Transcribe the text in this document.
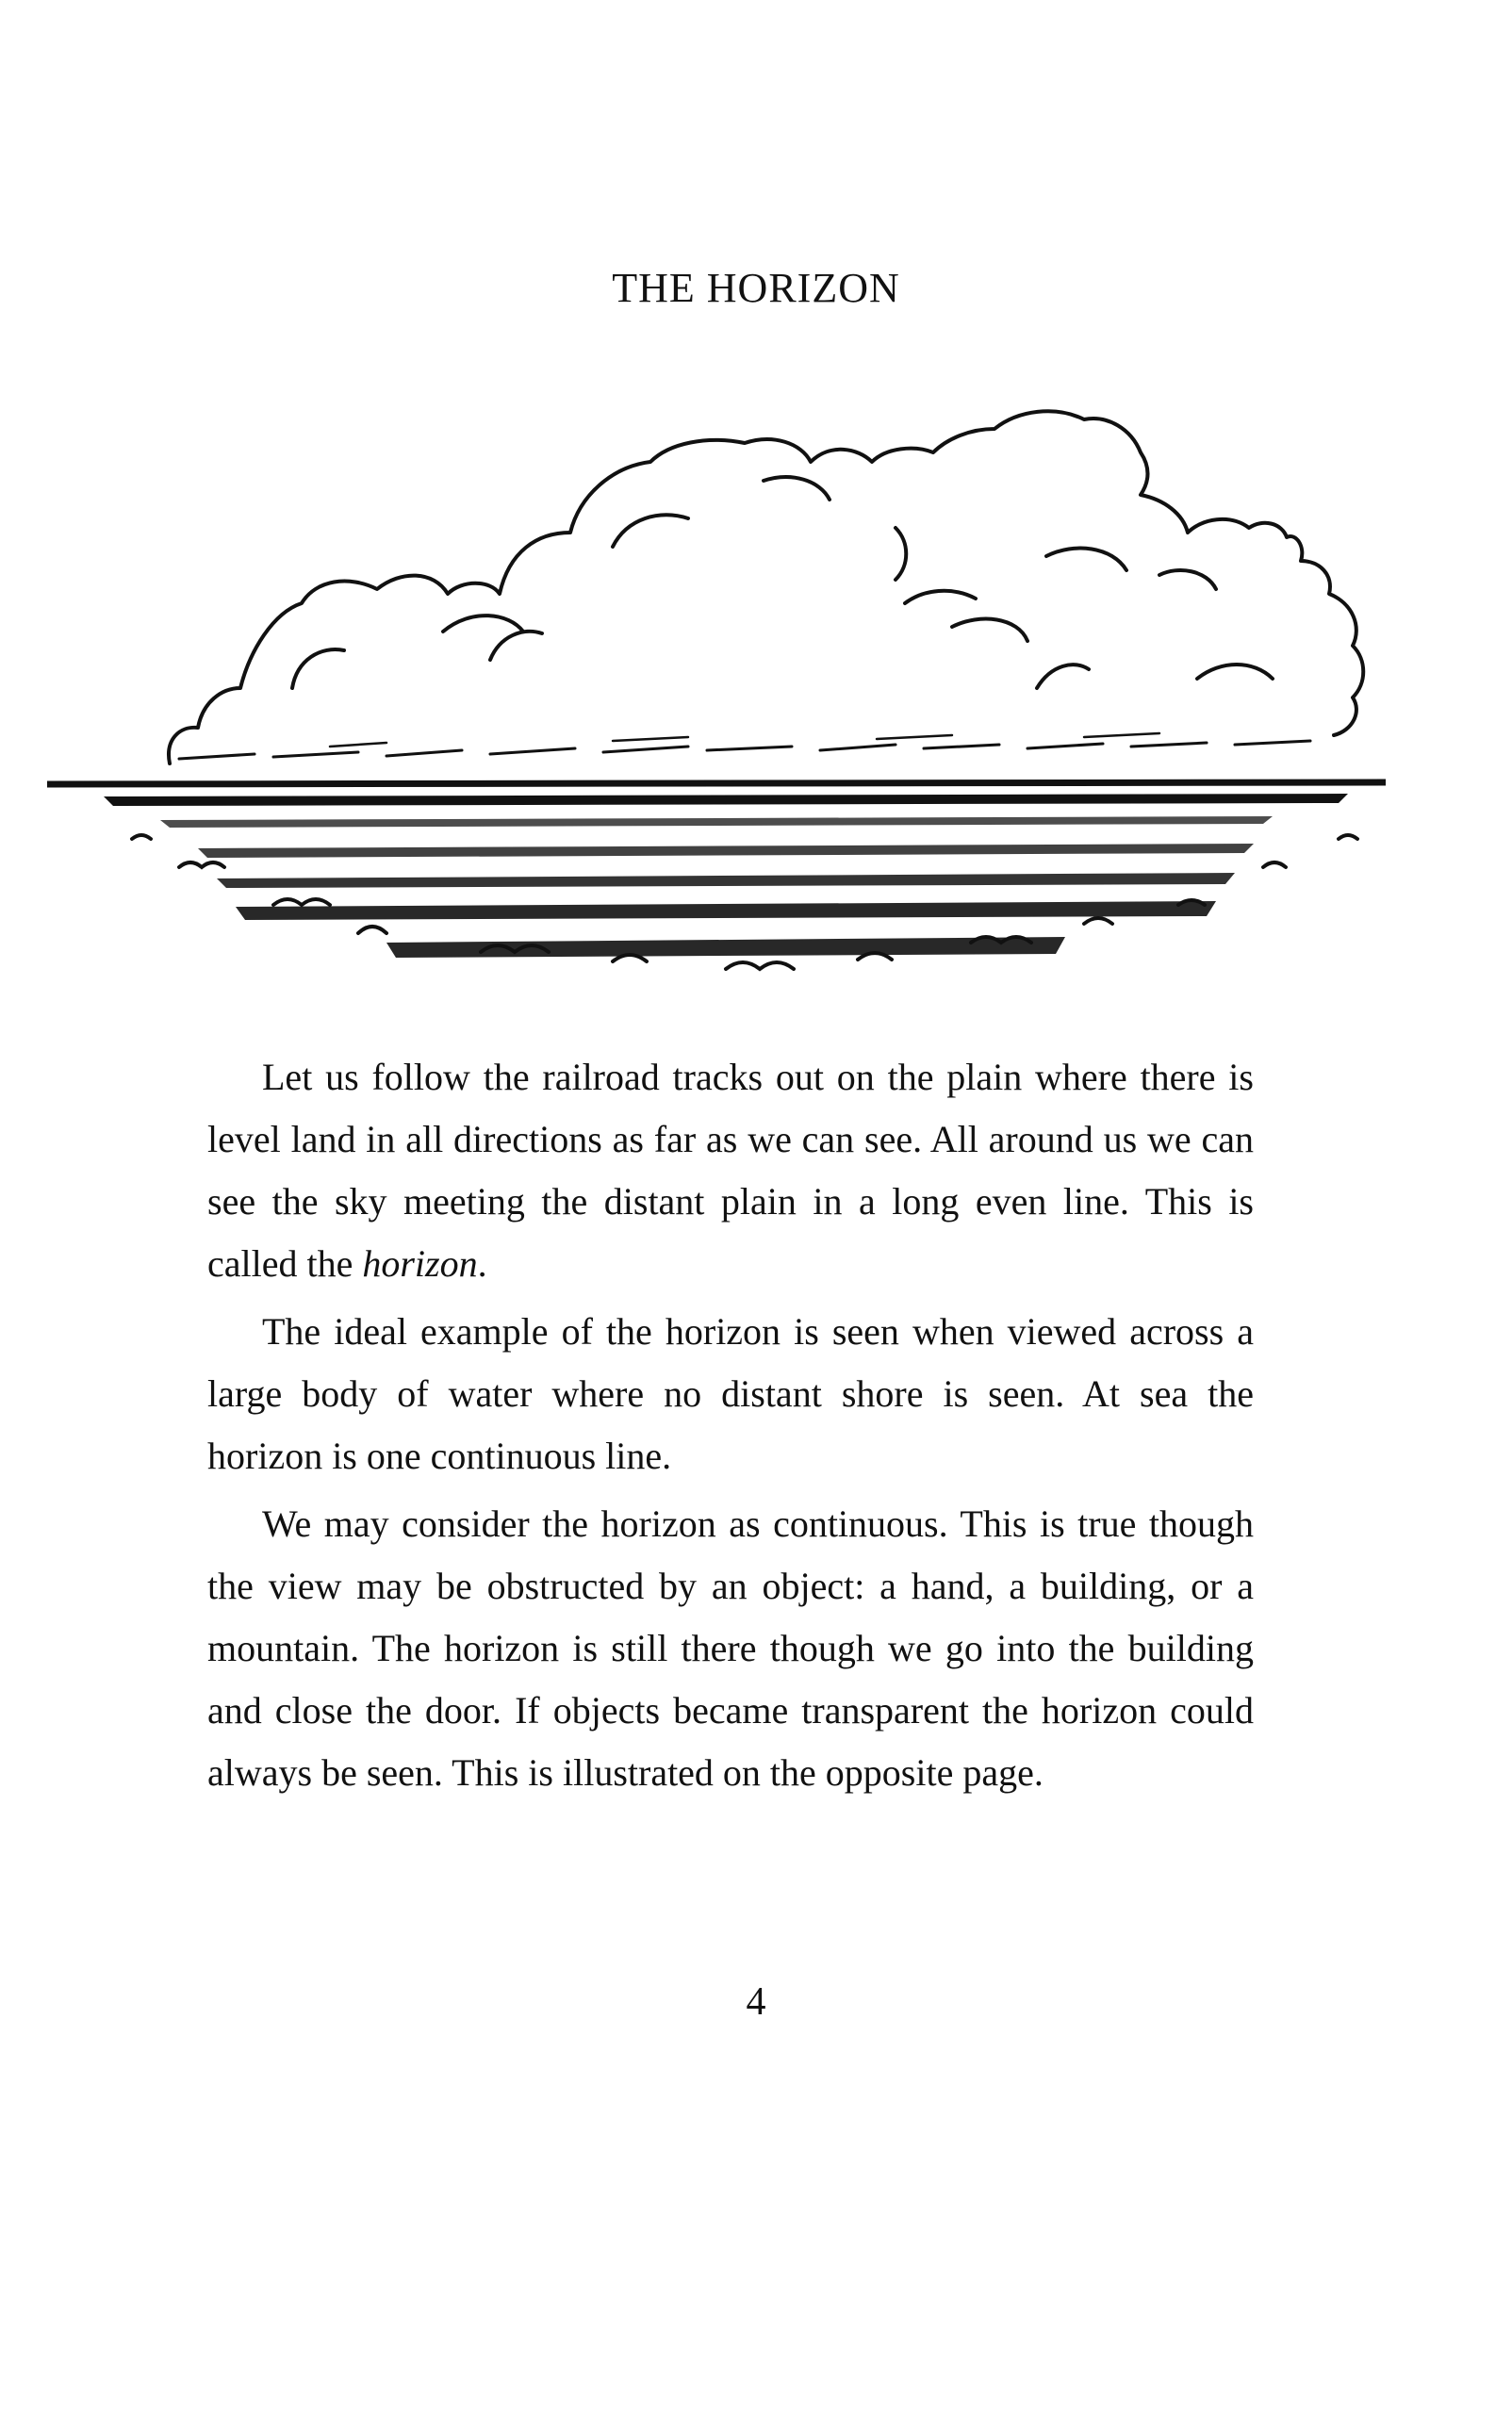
THE HORIZON

Let us follow the railroad tracks out on the plain where there is level land in all directions as far as we can see. All around us we can see the sky meeting the distant plain in a long even line. This is called the horizon.

The ideal example of the horizon is seen when viewed across a large body of water where no distant shore is seen. At sea the horizon is one continuous line.

We may consider the horizon as continuous. This is true though the view may be obstructed by an object: a hand, a building, or a mountain. The horizon is still there though we go into the building and close the door. If objects became transparent the horizon could always be seen. This is illustrated on the opposite page.

4
